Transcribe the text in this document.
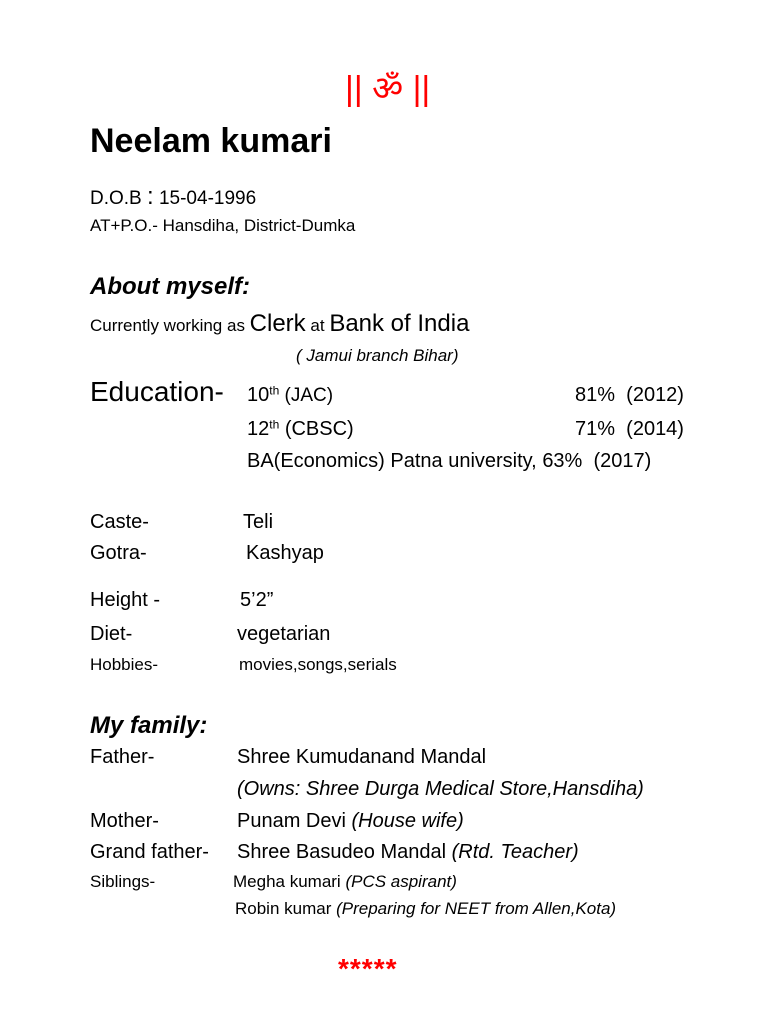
|| ॐ ||
Neelam kumari
D.O.B : 15-04-1996
AT+P.O.- Hansdiha, District-Dumka
About myself:
Currently working as Clerk at Bank of India
( Jamui branch Bihar)
Education- 10th (JAC)	81% (2012)
12th (CBSC)	71% (2014)
BA(Economics) Patna university, 63% (2017)
Caste-	Teli
Gotra-	Kashyap
Height -	5’2”
Diet-	vegetarian
Hobbies-	movies,songs,serials
My family:
Father-	Shree Kumudanand Mandal
(Owns: Shree Durga Medical Store,Hansdiha)
Mother-	Punam Devi (House wife)
Grand father- Shree Basudeo Mandal (Rtd. Teacher)
Siblings-	Megha kumari (PCS aspirant)
Robin kumar (Preparing for NEET from Allen,Kota)
*****
